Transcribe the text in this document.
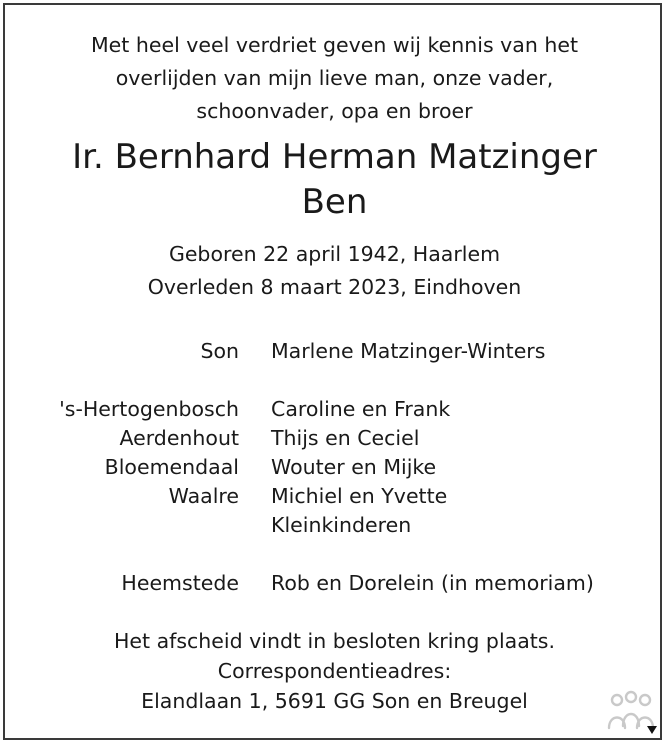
Met heel veel verdriet geven wij kennis van het
overlijden van mijn lieve man, onze vader,
schoonvader, opa en broer
Ir. Bernhard Herman Matzinger
Ben
Geboren 22 april 1942, Haarlem
Overleden 8 maart 2023, Eindhoven
Son Marlene Matzinger-Winters
's-Hertogenbosch Caroline en Frank
Aerdenhout Thijs en Ceciel
Bloemendaal Wouter en Mijke
Waalre Michiel en Yvette
Kleinkinderen
Heemstede Rob en Dorelein (in memoriam)
Het afscheid vindt in besloten kring plaats.
Correspondentieadres:
Elandlaan 1, 5691 GG Son en Breugel
